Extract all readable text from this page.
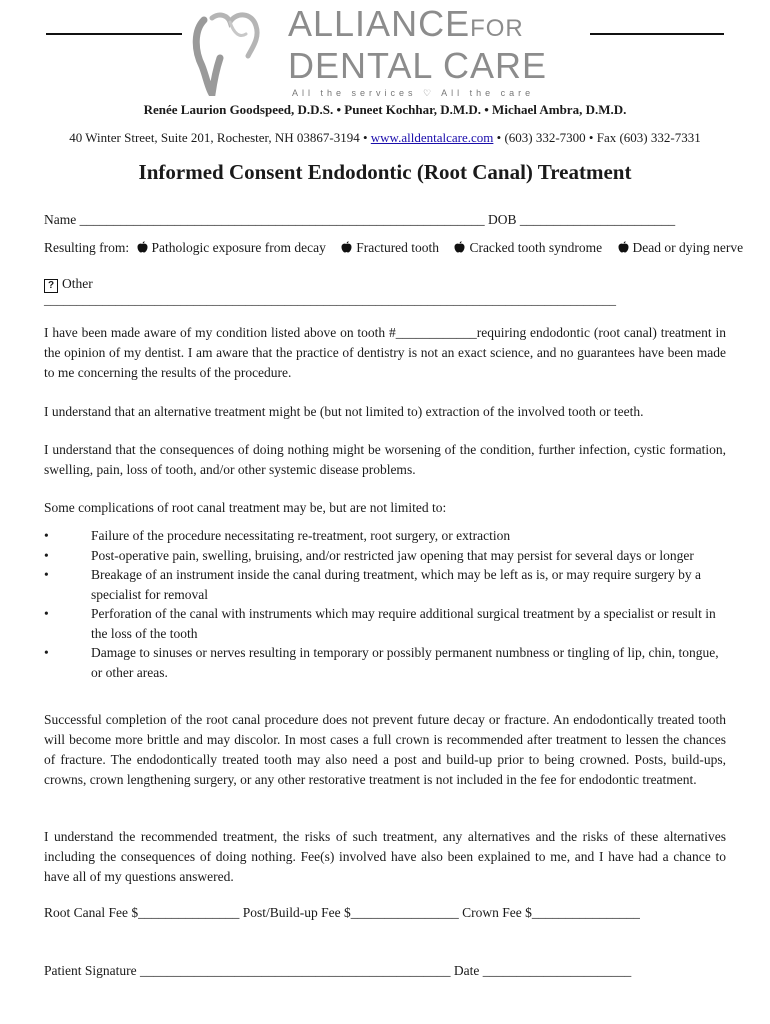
ALLIANCEFOR
DENTAL CARE
All the services ♡ All the care
Renée Laurion Goodspeed, D.D.S. • Puneet Kochhar, D.M.D. • Michael Ambra, D.M.D.
40 Winter Street, Suite 201, Rochester, NH 03867-3194 • www.alldentalcare.com • (603) 332-7300 • Fax (603) 332-7331
Informed Consent Endodontic (Root Canal) Treatment
Name ____________________________________________________________ DOB _______________________
Resulting from: Pathologic exposure from decay Fractured tooth Cracked tooth syndrome Dead or dying nerve
? Other
________________________________________________________________________________________
I have been made aware of my condition listed above on tooth #____________requiring endodontic (root canal) treatment in the opinion of my dentist. I am aware that the practice of dentistry is not an exact science, and no guarantees have been made to me concerning the results of the procedure.
I understand that an alternative treatment might be (but not limited to) extraction of the involved tooth or teeth.
I understand that the consequences of doing nothing might be worsening of the condition, further infection, cystic formation, swelling, pain, loss of tooth, and/or other systemic disease problems.
Some complications of root canal treatment may be, but are not limited to:
•	Failure of the procedure necessitating re-treatment, root surgery, or extraction
•	Post-operative pain, swelling, bruising, and/or restricted jaw opening that may persist for several days or longer
•	Breakage of an instrument inside the canal during treatment, which may be left as is, or may require surgery by a specialist for removal
•	Perforation of the canal with instruments which may require additional surgical treatment by a specialist or result in the loss of the tooth
•	Damage to sinuses or nerves resulting in temporary or possibly permanent numbness or tingling of lip, chin, tongue, or other areas.
Successful completion of the root canal procedure does not prevent future decay or fracture. An endodontically treated tooth will become more brittle and may discolor. In most cases a full crown is recommended after treatment to lessen the chances of fracture. The endodontically treated tooth may also need a post and build-up prior to being crowned. Posts, build-ups, crowns, crown lengthening surgery, or any other restorative treatment is not included in the fee for endodontic treatment.
I understand the recommended treatment, the risks of such treatment, any alternatives and the risks of these alternatives including the consequences of doing nothing. Fee(s) involved have also been explained to me, and I have had a chance to have all of my questions answered.
Root Canal Fee $_______________ Post/Build-up Fee $________________ Crown Fee $________________
Patient Signature ______________________________________________ Date ______________________
